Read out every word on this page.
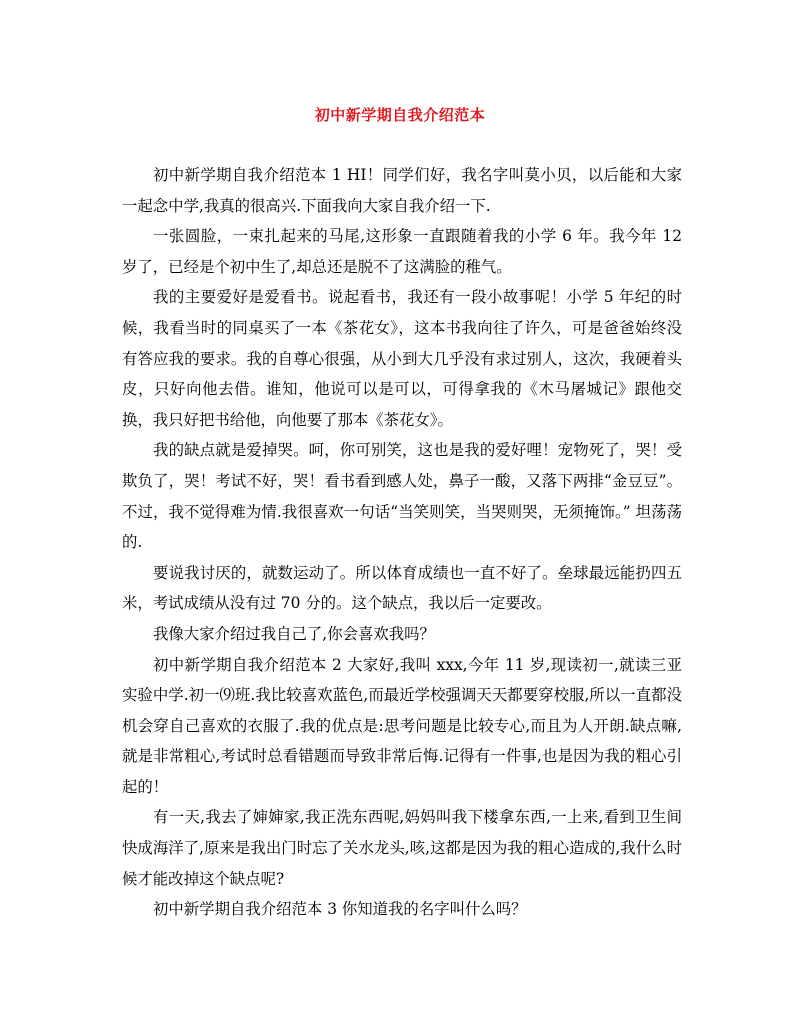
初中新学期自我介绍范本

初中新学期自我介绍范本 1 HI！同学们好，我名字叫莫小贝，以后能和大家一起念中学,我真的很高兴.下面我向大家自我介绍一下.

一张圆脸，一束扎起来的马尾,这形象一直跟随着我的小学 6 年。我今年 12 岁了，已经是个初中生了,却总还是脱不了这满脸的稚气。

我的主要爱好是爱看书。说起看书，我还有一段小故事呢！小学 5 年纪的时候，我看当时的同桌买了一本《茶花女》，这本书我向往了许久，可是爸爸始终没有答应我的要求。我的自尊心很强，从小到大几乎没有求过别人，这次，我硬着头皮，只好向他去借。谁知，他说可以是可以，可得拿我的《木马屠城记》跟他交换，我只好把书给他，向他要了那本《茶花女》。

我的缺点就是爱掉哭。呵，你可别笑，这也是我的爱好哩！宠物死了，哭！受欺负了，哭！考试不好，哭！看书看到感人处，鼻子一酸，又落下两排“金豆豆”。不过，我不觉得难为情.我很喜欢一句话“当笑则笑，当哭则哭，无须掩饰。” 坦荡荡的.

要说我讨厌的，就数运动了。所以体育成绩也一直不好了。垒球最远能扔四五米，考试成绩从没有过 70 分的。这个缺点，我以后一定要改。

我像大家介绍过我自己了,你会喜欢我吗？

初中新学期自我介绍范本 2 大家好,我叫 xxx,今年 11 岁,现读初一,就读三亚实验中学.初一⑼班.我比较喜欢蓝色,而最近学校强调天天都要穿校服,所以一直都没机会穿自己喜欢的衣服了.我的优点是:思考问题是比较专心,而且为人开朗.缺点嘛,就是非常粗心,考试时总看错题而导致非常后悔.记得有一件事,也是因为我的粗心引起的！

有一天,我去了婶婶家,我正洗东西呢,妈妈叫我下楼拿东西,一上来,看到卫生间快成海洋了,原来是我出门时忘了关水龙头,咳,这都是因为我的粗心造成的,我什么时候才能改掉这个缺点呢?

初中新学期自我介绍范本 3 你知道我的名字叫什么吗？
